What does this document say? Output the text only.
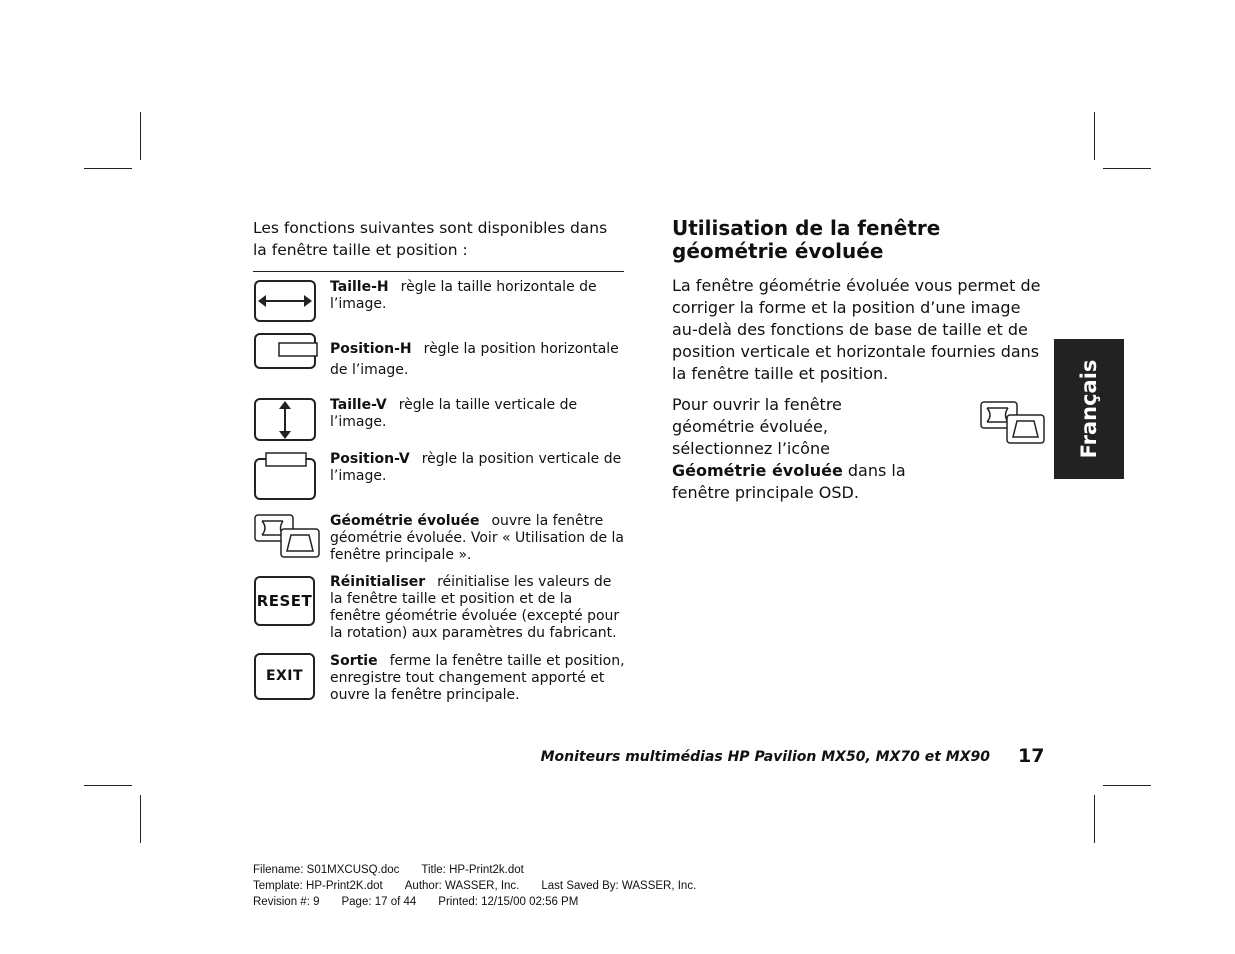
Les fonctions suivantes sont disponibles dans la fenêtre taille et position :
Taille-H règle la taille horizontale de l’image.
Position-H règle la position horizontale de l’image.
Taille-V règle la taille verticale de l’image.
Position-V règle la position verticale de l’image.
Géométrie évoluée ouvre la fenêtre géométrie évoluée. Voir « Utilisation de la fenêtre principale ».
RESET
Réinitialiser réinitialise les valeurs de la fenêtre taille et position et de la fenêtre géométrie évoluée (excepté pour la rotation) aux paramètres du fabricant.
EXIT
Sortie ferme la fenêtre taille et position, enregistre tout changement apporté et ouvre la fenêtre principale.
Utilisation de la fenêtre géométrie évoluée

La fenêtre géométrie évoluée vous permet de corriger la forme et la position d’une image au-delà des fonctions de base de taille et de position verticale et horizontale fournies dans la fenêtre taille et position.

Pour ouvrir la fenêtre géométrie évoluée, sélectionnez l’icône Géométrie évoluée dans la fenêtre principale OSD.

Français
Moniteurs multimédias HP Pavilion MX50, MX70 et MX90 17
Filename: S01MXCUSQ.doc Title: HP-Print2k.dot
Template: HP-Print2K.dot Author: WASSER, Inc. Last Saved By: WASSER, Inc.
Revision #: 9 Page: 17 of 44 Printed: 12/15/00 02:56 PM
